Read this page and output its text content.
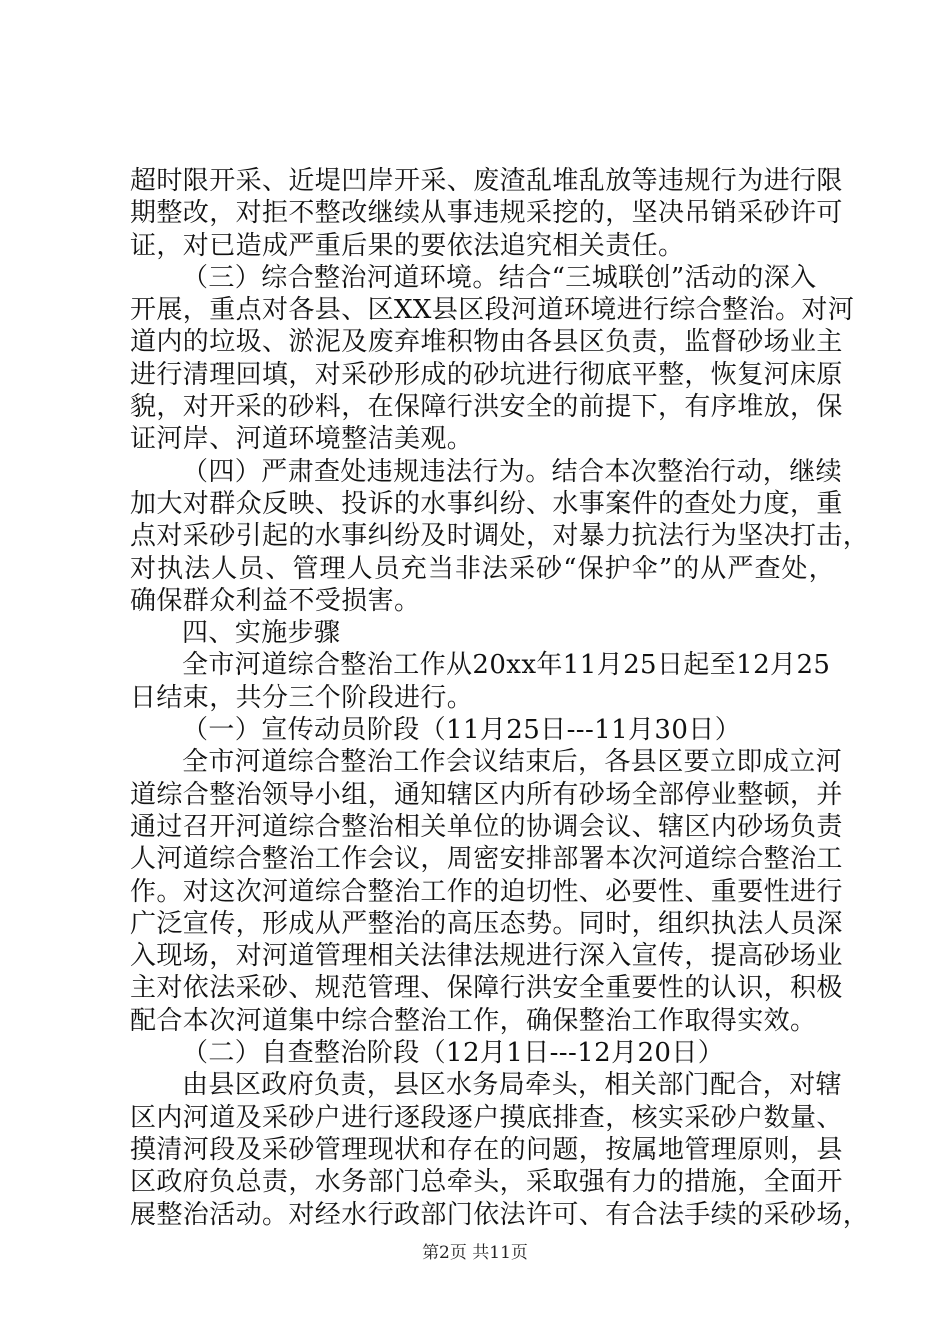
超时限开采、近堤凹岸开采、废渣乱堆乱放等违规行为进行限
期整改，对拒不整改继续从事违规采挖的，坚决吊销采砂许可
证，对已造成严重后果的要依法追究相关责任。
（三）综合整治河道环境。结合“三城联创”活动的深入
开展，重点对各县、区XX县区段河道环境进行综合整治。对河
道内的垃圾、淤泥及废弃堆积物由各县区负责，监督砂场业主
进行清理回填，对采砂形成的砂坑进行彻底平整，恢复河床原
貌，对开采的砂料，在保障行洪安全的前提下，有序堆放，保
证河岸、河道环境整洁美观。
（四）严肃查处违规违法行为。结合本次整治行动，继续
加大对群众反映、投诉的水事纠纷、水事案件的查处力度，重
点对采砂引起的水事纠纷及时调处，对暴力抗法行为坚决打击，
对执法人员、管理人员充当非法采砂“保护伞”的从严查处，
确保群众利益不受损害。
四、实施步骤
全市河道综合整治工作从20xx年11月25日起至12月25
日结束，共分三个阶段进行。
（一）宣传动员阶段（11月25日---11月30日）
全市河道综合整治工作会议结束后，各县区要立即成立河
道综合整治领导小组，通知辖区内所有砂场全部停业整顿，并
通过召开河道综合整治相关单位的协调会议、辖区内砂场负责
人河道综合整治工作会议，周密安排部署本次河道综合整治工
作。对这次河道综合整治工作的迫切性、必要性、重要性进行
广泛宣传，形成从严整治的高压态势。同时，组织执法人员深
入现场，对河道管理相关法律法规进行深入宣传，提高砂场业
主对依法采砂、规范管理、保障行洪安全重要性的认识，积极
配合本次河道集中综合整治工作，确保整治工作取得实效。
（二）自查整治阶段（12月1日---12月20日）
由县区政府负责，县区水务局牵头，相关部门配合，对辖
区内河道及采砂户进行逐段逐户摸底排查，核实采砂户数量、
摸清河段及采砂管理现状和存在的问题，按属地管理原则，县
区政府负总责，水务部门总牵头，采取强有力的措施，全面开
展整治活动。对经水行政部门依法许可、有合法手续的采砂场，
第2页 共11页
